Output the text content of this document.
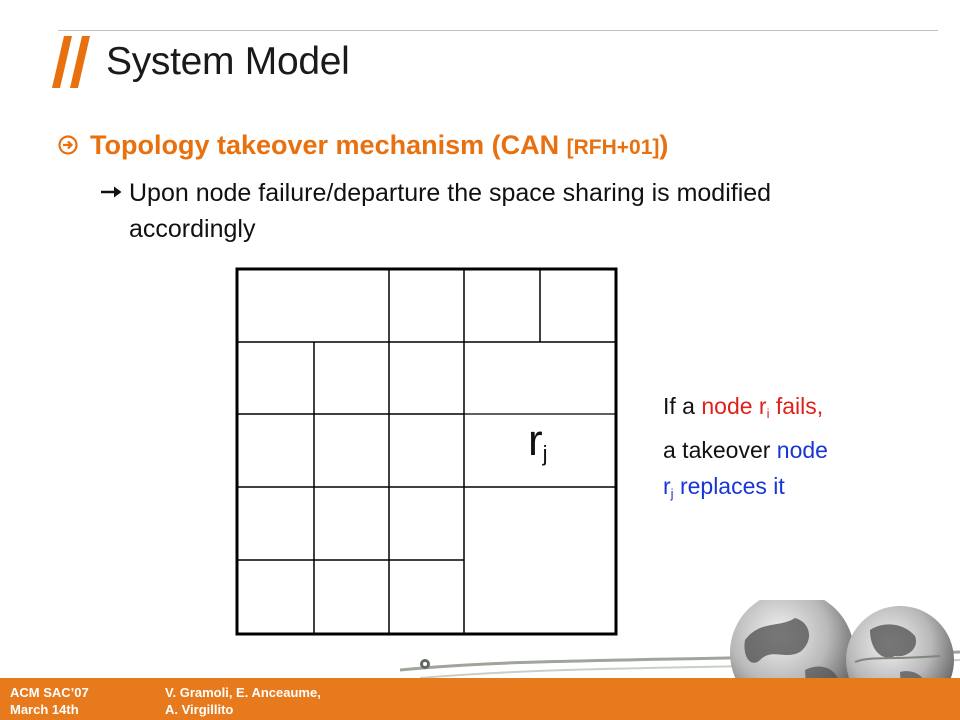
System Model
Topology takeover mechanism (CAN [RFH+01])
Upon node failure/departure the space sharing is modified accordingly
$r_j$
If a node $r_i$ fails,
a takeover node
$r_j$ replaces it
ACM SAC’07
March 14th
V. Gramoli, E. Anceaume,
A. Virgillito
